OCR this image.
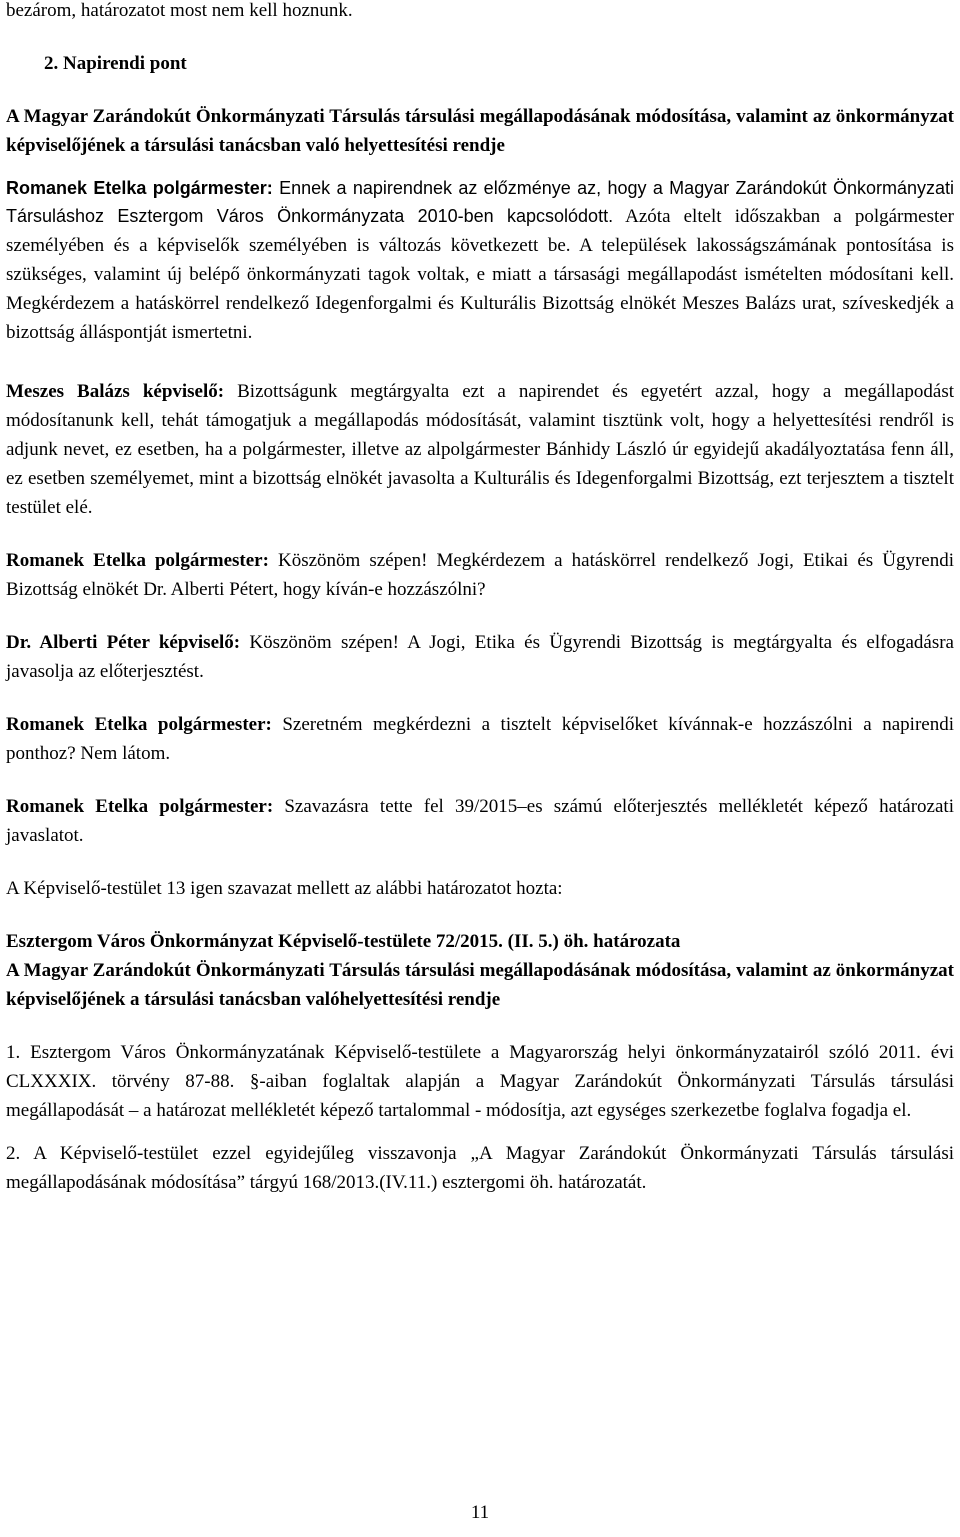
bezárom, határozatot most nem kell hoznunk.

2. Napirendi pont

A Magyar Zarándokút Önkormányzati Társulás társulási megállapodásának módosítása, valamint az önkormányzat képviselőjének a társulási tanácsban való helyettesítési rendje

Romanek Etelka polgármester: Ennek a napirendnek az előzménye az, hogy a Magyar Zarándokút Önkormányzati Társuláshoz Esztergom Város Önkormányzata 2010-ben kapcsolódott. Azóta eltelt időszakban a polgármester személyében és a képviselők személyében is változás következett be. A települések lakosságszámának pontosítása is szükséges, valamint új belépő önkormányzati tagok voltak, e miatt a társasági megállapodást ismételten módosítani kell. Megkérdezem a hatáskörrel rendelkező Idegenforgalmi és Kulturális Bizottság elnökét Meszes Balázs urat, szíveskedjék a bizottság álláspontját ismertetni.

Meszes Balázs képviselő: Bizottságunk megtárgyalta ezt a napirendet és egyetért azzal, hogy a megállapodást módosítanunk kell, tehát támogatjuk a megállapodás módosítását, valamint tisztünk volt, hogy a helyettesítési rendről is adjunk nevet, ez esetben, ha a polgármester, illetve az alpolgármester Bánhidy László úr egyidejű akadályoztatása fenn áll, ez esetben személyemet, mint a bizottság elnökét javasolta a Kulturális és Idegenforgalmi Bizottság, ezt terjesztem a tisztelt testület elé.

Romanek Etelka polgármester: Köszönöm szépen! Megkérdezem a hatáskörrel rendelkező Jogi, Etikai és Ügyrendi Bizottság elnökét Dr. Alberti Pétert, hogy kíván-e hozzászólni?

Dr. Alberti Péter képviselő: Köszönöm szépen! A Jogi, Etika és Ügyrendi Bizottság is megtárgyalta és elfogadásra javasolja az előterjesztést.

Romanek Etelka polgármester: Szeretném megkérdezni a tisztelt képviselőket kívánnak-e hozzászólni a napirendi ponthoz? Nem látom.

Romanek Etelka polgármester: Szavazásra tette fel 39/2015–es számú előterjesztés mellékletét képező határozati javaslatot.

A Képviselő-testület 13 igen szavazat mellett az alábbi határozatot hozta:

Esztergom Város Önkormányzat Képviselő-testülete 72/2015. (II. 5.) öh. határozata

A Magyar Zarándokút Önkormányzati Társulás társulási megállapodásának módosítása, valamint az önkormányzat képviselőjének a társulási tanácsban valóhelyettesítési rendje

1. Esztergom Város Önkormányzatának Képviselő-testülete a Magyarország helyi önkormányzatairól szóló 2011. évi CLXXXIX. törvény 87-88. §-aiban foglaltak alapján a Magyar Zarándokút Önkormányzati Társulás társulási megállapodását – a határozat mellékletét képező tartalommal - módosítja, azt egységes szerkezetbe foglalva fogadja el.

2. A Képviselő-testület ezzel egyidejűleg visszavonja „A Magyar Zarándokút Önkormányzati Társulás társulási megállapodásának módosítása” tárgyú 168/2013.(IV.11.) esztergomi öh. határozatát.

11
